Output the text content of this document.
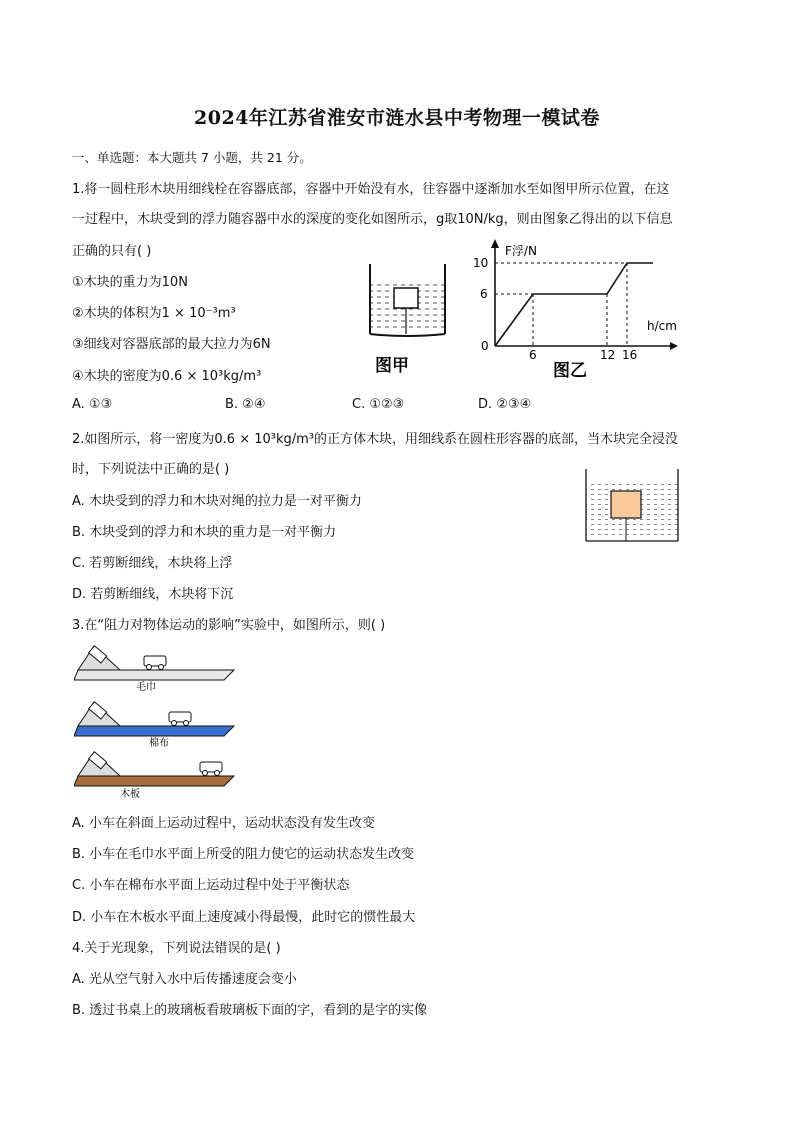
2024年江苏省淮安市涟水县中考物理一模试卷
一、单选题：本大题共 7 小题，共 21 分。
1.将一圆柱形木块用细线栓在容器底部，容器中开始没有水，往容器中逐渐加水至如图甲所示位置，在这
一过程中，木块受到的浮力随容器中水的深度的变化如图所示，g取10N/kg，则由图象乙得出的以下信息
正确的只有( )
①木块的重力为10N
②木块的体积为1 × 10⁻³m³
③细线对容器底部的最大拉力为6N
④木块的密度为0.6 × 10³kg/m³
A. ①③	B. ②④	C. ①②③	D. ②③④
图甲
F浮/N
h/cm
0
10
6
6	12 16
图乙
2.如图所示，将一密度为0.6 × 10³kg/m³的正方体木块，用细线系在圆柱形容器的底部，当木块完全浸没
时，下列说法中正确的是( )
A. 木块受到的浮力和木块对绳的拉力是一对平衡力
B. 木块受到的浮力和木块的重力是一对平衡力
C. 若剪断细线，木块将上浮
D. 若剪断细线，木块将下沉
3.在“阻力对物体运动的影响”实验中，如图所示，则( )
毛巾
棉布
木板
A. 小车在斜面上运动过程中，运动状态没有发生改变
B. 小车在毛巾水平面上所受的阻力使它的运动状态发生改变
C. 小车在棉布水平面上运动过程中处于平衡状态
D. 小车在木板水平面上速度减小得最慢，此时它的惯性最大
4.关于光现象，下列说法错误的是( )
A. 光从空气射入水中后传播速度会变小
B. 透过书桌上的玻璃板看玻璃板下面的字，看到的是字的实像
